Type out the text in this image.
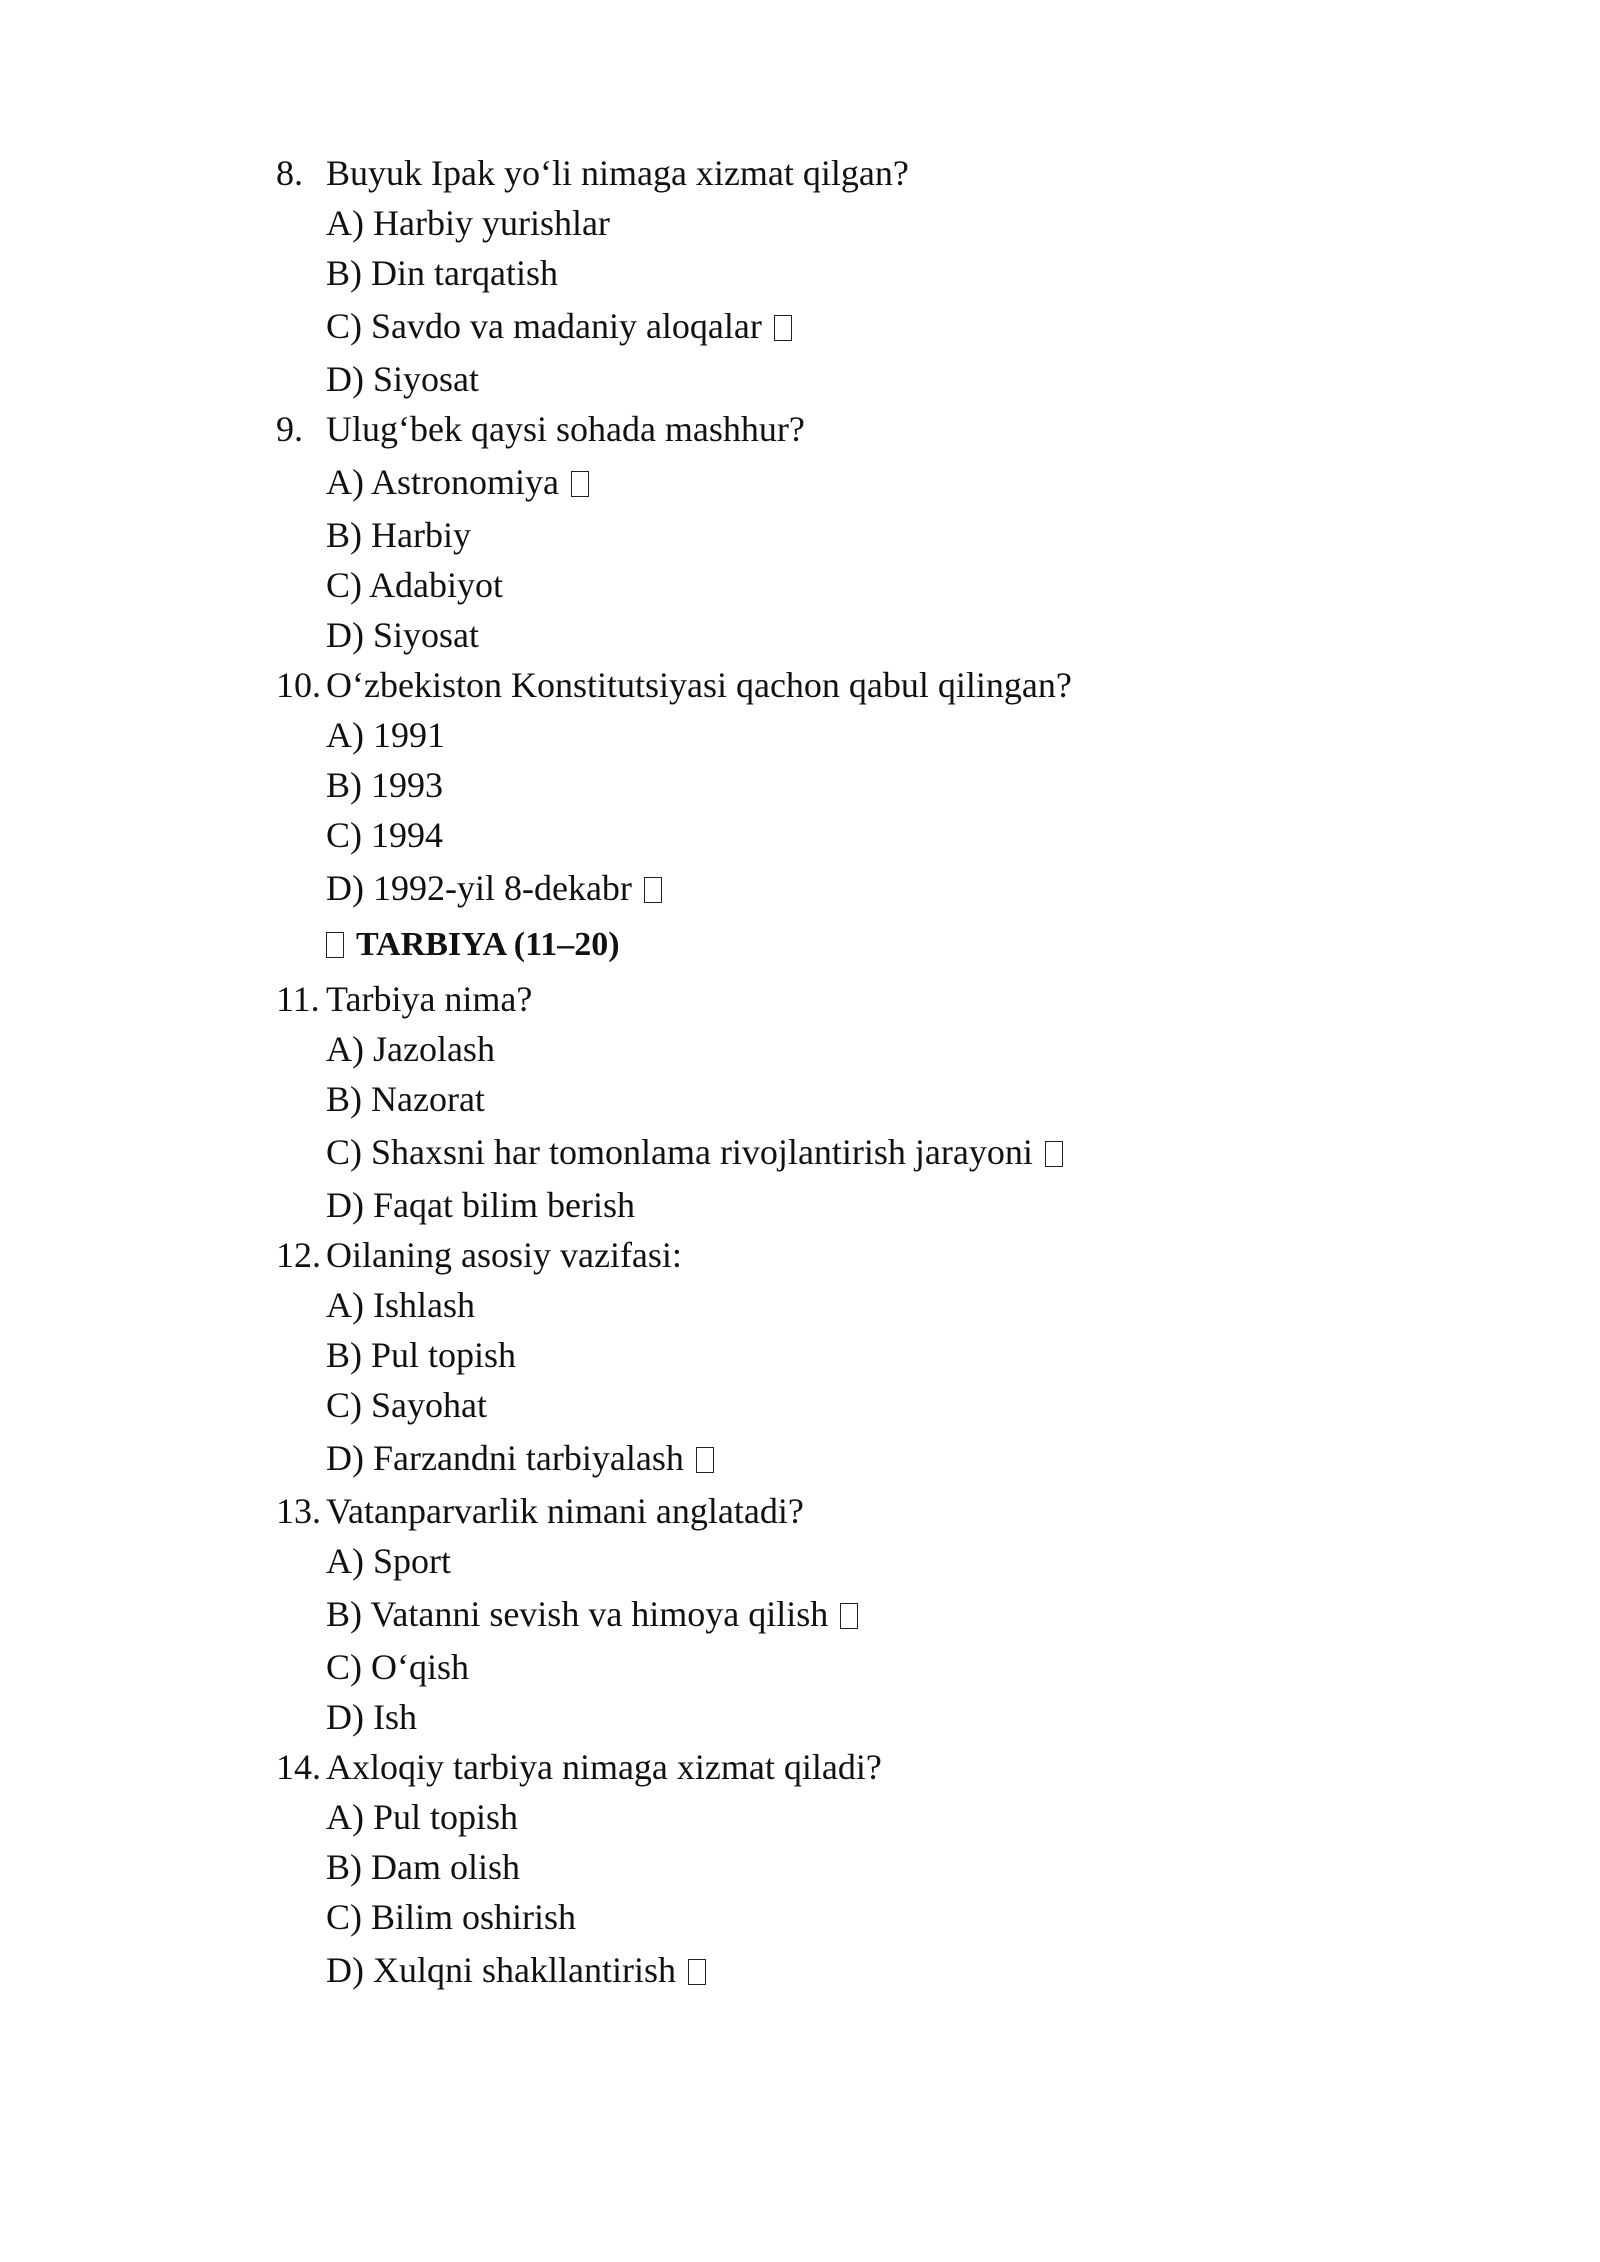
8. Buyuk Ipak yo‘li nimaga xizmat qilgan?
A) Harbiy yurishlar
B) Din tarqatish
C) Savdo va madaniy aloqalar
D) Siyosat
9. Ulug‘bek qaysi sohada mashhur?
A) Astronomiya
B) Harbiy
C) Adabiyot
D) Siyosat
10. O‘zbekiston Konstitutsiyasi qachon qabul qilingan?
A) 1991
B) 1993
C) 1994
D) 1992-yil 8-dekabr
TARBIYA (11–20)
11. Tarbiya nima?
A) Jazolash
B) Nazorat
C) Shaxsni har tomonlama rivojlantirish jarayoni
D) Faqat bilim berish
12. Oilaning asosiy vazifasi:
A) Ishlash
B) Pul topish
C) Sayohat
D) Farzandni tarbiyalash
13. Vatanparvarlik nimani anglatadi?
A) Sport
B) Vatanni sevish va himoya qilish
C) O‘qish
D) Ish
14. Axloqiy tarbiya nimaga xizmat qiladi?
A) Pul topish
B) Dam olish
C) Bilim oshirish
D) Xulqni shakllantirish
